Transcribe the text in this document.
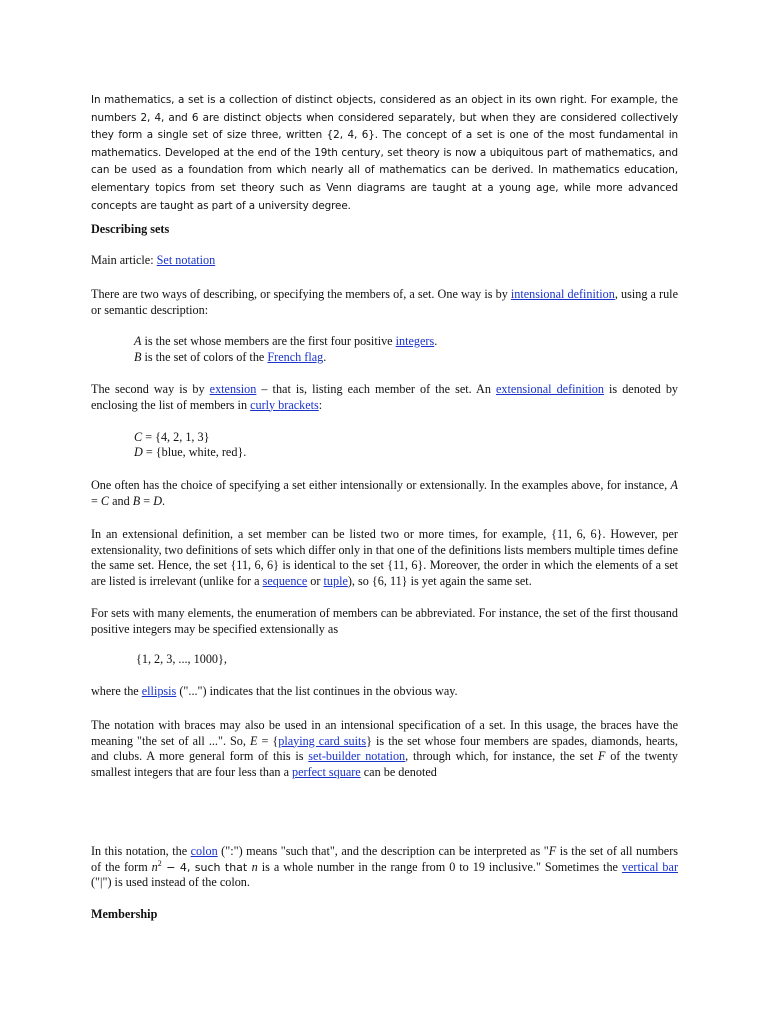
In mathematics, a set is a collection of distinct objects, considered as an object in its own right. For example, the numbers 2, 4, and 6 are distinct objects when considered separately, but when they are considered collectively they form a single set of size three, written {2, 4, 6}. The concept of a set is one of the most fundamental in mathematics. Developed at the end of the 19th century, set theory is now a ubiquitous part of mathematics, and can be used as a foundation from which nearly all of mathematics can be derived. In mathematics education, elementary topics from set theory such as Venn diagrams are taught at a young age, while more advanced concepts are taught as part of a university degree.

Describing sets
Main article: Set notation
There are two ways of describing, or specifying the members of, a set. One way is by intensional definition, using a rule or semantic description:
A is the set whose members are the first four positive integers.
B is the set of colors of the French flag.
The second way is by extension – that is, listing each member of the set. An extensional definition is denoted by enclosing the list of members in curly brackets:
C = {4, 2, 1, 3}
D = {blue, white, red}.
One often has the choice of specifying a set either intensionally or extensionally. In the examples above, for instance, A = C and B = D.
In an extensional definition, a set member can be listed two or more times, for example, {11, 6, 6}. However, per extensionality, two definitions of sets which differ only in that one of the definitions lists members multiple times define the same set. Hence, the set {11, 6, 6} is identical to the set {11, 6}. Moreover, the order in which the elements of a set are listed is irrelevant (unlike for a sequence or tuple), so {6, 11} is yet again the same set.
For sets with many elements, the enumeration of members can be abbreviated. For instance, the set of the first thousand positive integers may be specified extensionally as
{1, 2, 3, ..., 1000},
where the ellipsis ("...") indicates that the list continues in the obvious way.
The notation with braces may also be used in an intensional specification of a set. In this usage, the braces have the meaning "the set of all ...". So, E = {playing card suits} is the set whose four members are spades, diamonds, hearts, and clubs. A more general form of this is set-builder notation, through which, for instance, the set F of the twenty smallest integers that are four less than a perfect square can be denoted
In this notation, the colon (":") means "such that", and the description can be interpreted as "F is the set of all numbers of the form $n^2 - 4$, such that n is a whole number in the range from 0 to 19 inclusive." Sometimes the vertical bar ("|") is used instead of the colon.
Membership
